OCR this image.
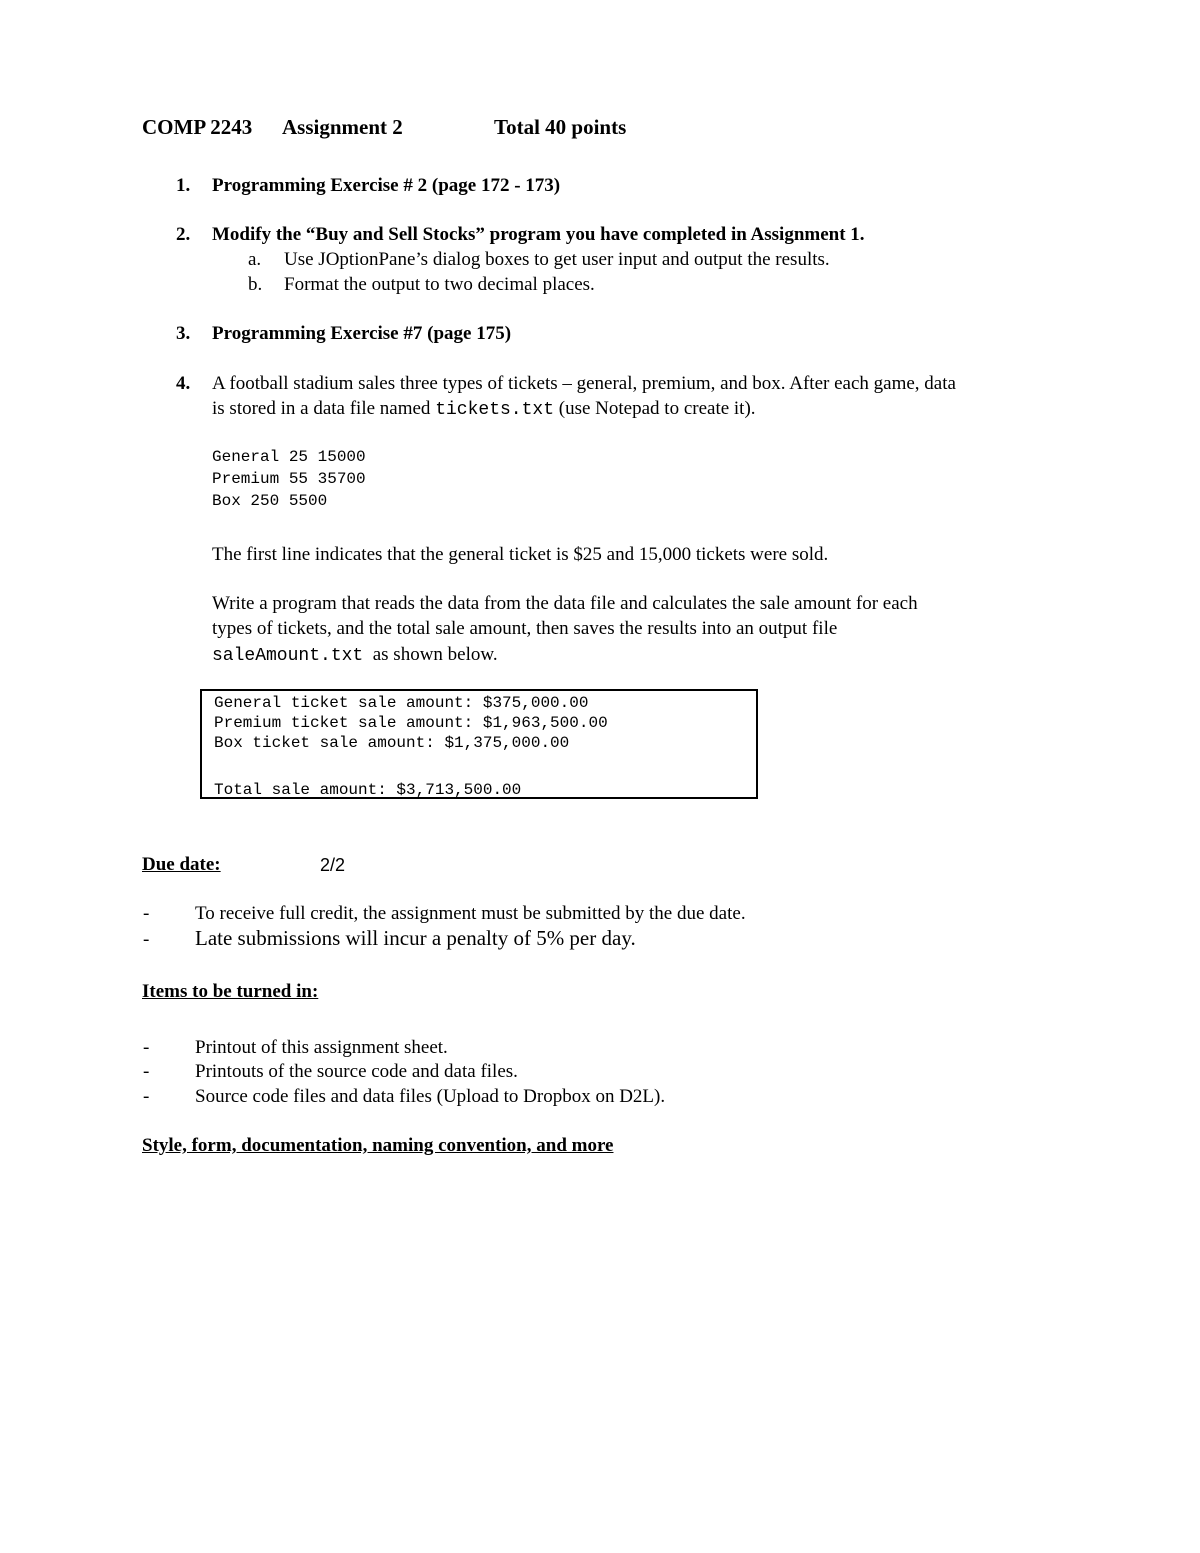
COMP 2243 Assignment 2	Total 40 points
1. Programming Exercise # 2 (page 172 - 173)
2. Modify the “Buy and Sell Stocks” program you have completed in Assignment 1.
a. Use JOptionPane’s dialog boxes to get user input and output the results.
b. Format the output to two decimal places.
3. Programming Exercise #7 (page 175)
4. A football stadium sales three types of tickets – general, premium, and box. After each game, data
is stored in a data file named tickets.txt (use Notepad to create it).
General 25 15000
Premium 55 35700
Box 250 5500
The first line indicates that the general ticket is $25 and 15,000 tickets were sold.
Write a program that reads the data from the data file and calculates the sale amount for each
types of tickets, and the total sale amount, then saves the results into an output file
saleAmount.txt as shown below.
General ticket sale amount: $375,000.00
Premium ticket sale amount: $1,963,500.00
Box ticket sale amount: $1,375,000.00
Total sale amount: $3,713,500.00
Due date:	2/2
- To receive full credit, the assignment must be submitted by the due date.
- Late submissions will incur a penalty of 5% per day.
Items to be turned in:
- Printout of this assignment sheet.
- Printouts of the source code and data files.
- Source code files and data files (Upload to Dropbox on D2L).
Style, form, documentation, naming convention, and more
